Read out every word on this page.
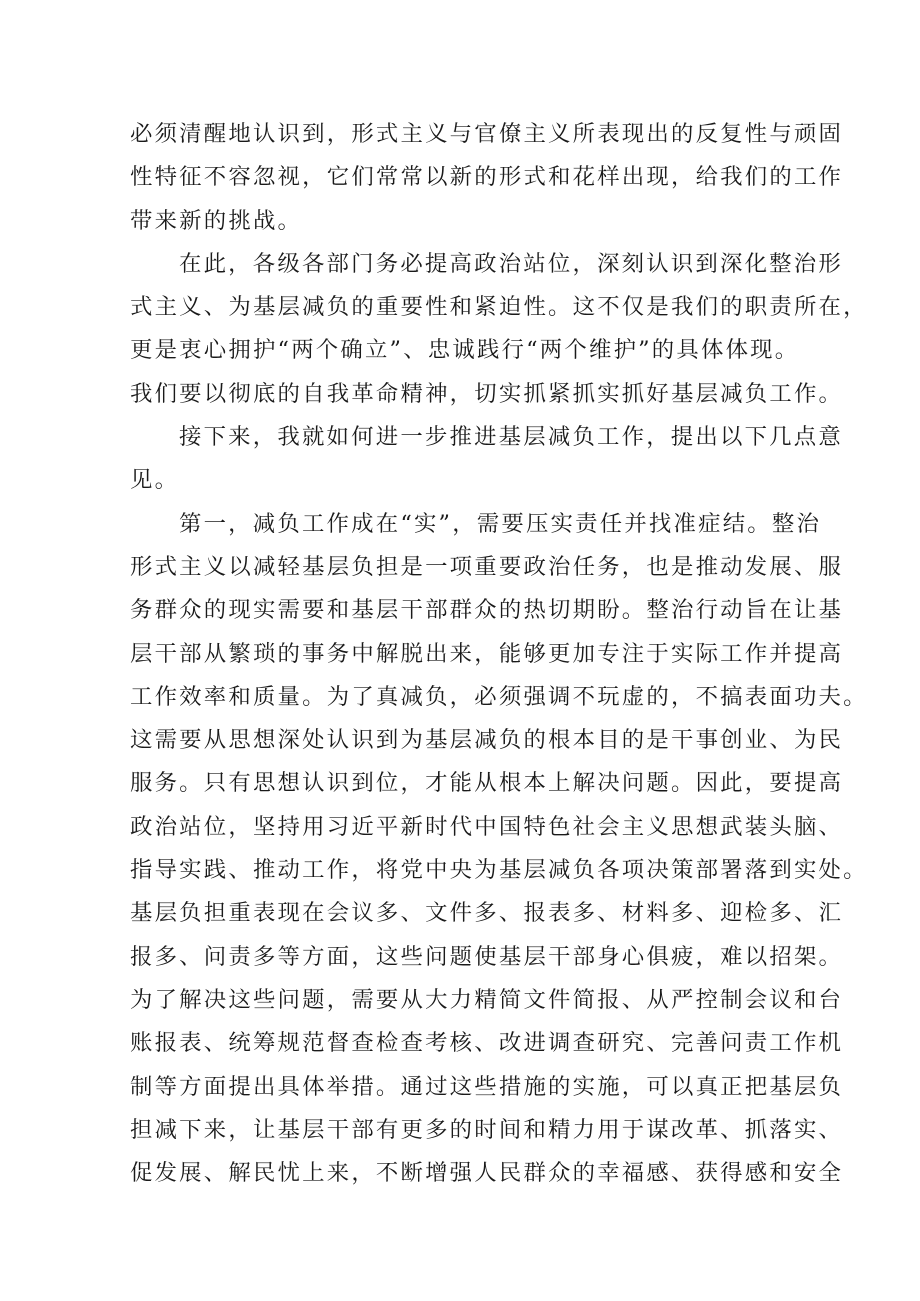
必须清醒地认识到，形式主义与官僚主义所表现出的反复性与顽固
性特征不容忽视，它们常常以新的形式和花样出现，给我们的工作
带来新的挑战。
在此，各级各部门务必提高政治站位，深刻认识到深化整治形
式主义、为基层减负的重要性和紧迫性。这不仅是我们的职责所在，
更是衷心拥护“两个确立”、忠诚践行“两个维护”的具体体现。
我们要以彻底的自我革命精神，切实抓紧抓实抓好基层减负工作。
接下来，我就如何进一步推进基层减负工作，提出以下几点意
见。
第一，减负工作成在“实”，需要压实责任并找准症结。整治
形式主义以减轻基层负担是一项重要政治任务，也是推动发展、服
务群众的现实需要和基层干部群众的热切期盼。整治行动旨在让基
层干部从繁琐的事务中解脱出来，能够更加专注于实际工作并提高
工作效率和质量。为了真减负，必须强调不玩虚的，不搞表面功夫。
这需要从思想深处认识到为基层减负的根本目的是干事创业、为民
服务。只有思想认识到位，才能从根本上解决问题。因此，要提高
政治站位，坚持用习近平新时代中国特色社会主义思想武装头脑、
指导实践、推动工作，将党中央为基层减负各项决策部署落到实处。
基层负担重表现在会议多、文件多、报表多、材料多、迎检多、汇
报多、问责多等方面，这些问题使基层干部身心俱疲，难以招架。
为了解决这些问题，需要从大力精简文件简报、从严控制会议和台
账报表、统筹规范督查检查考核、改进调查研究、完善问责工作机
制等方面提出具体举措。通过这些措施的实施，可以真正把基层负
担减下来，让基层干部有更多的时间和精力用于谋改革、抓落实、
促发展、解民忧上来，不断增强人民群众的幸福感、获得感和安全
